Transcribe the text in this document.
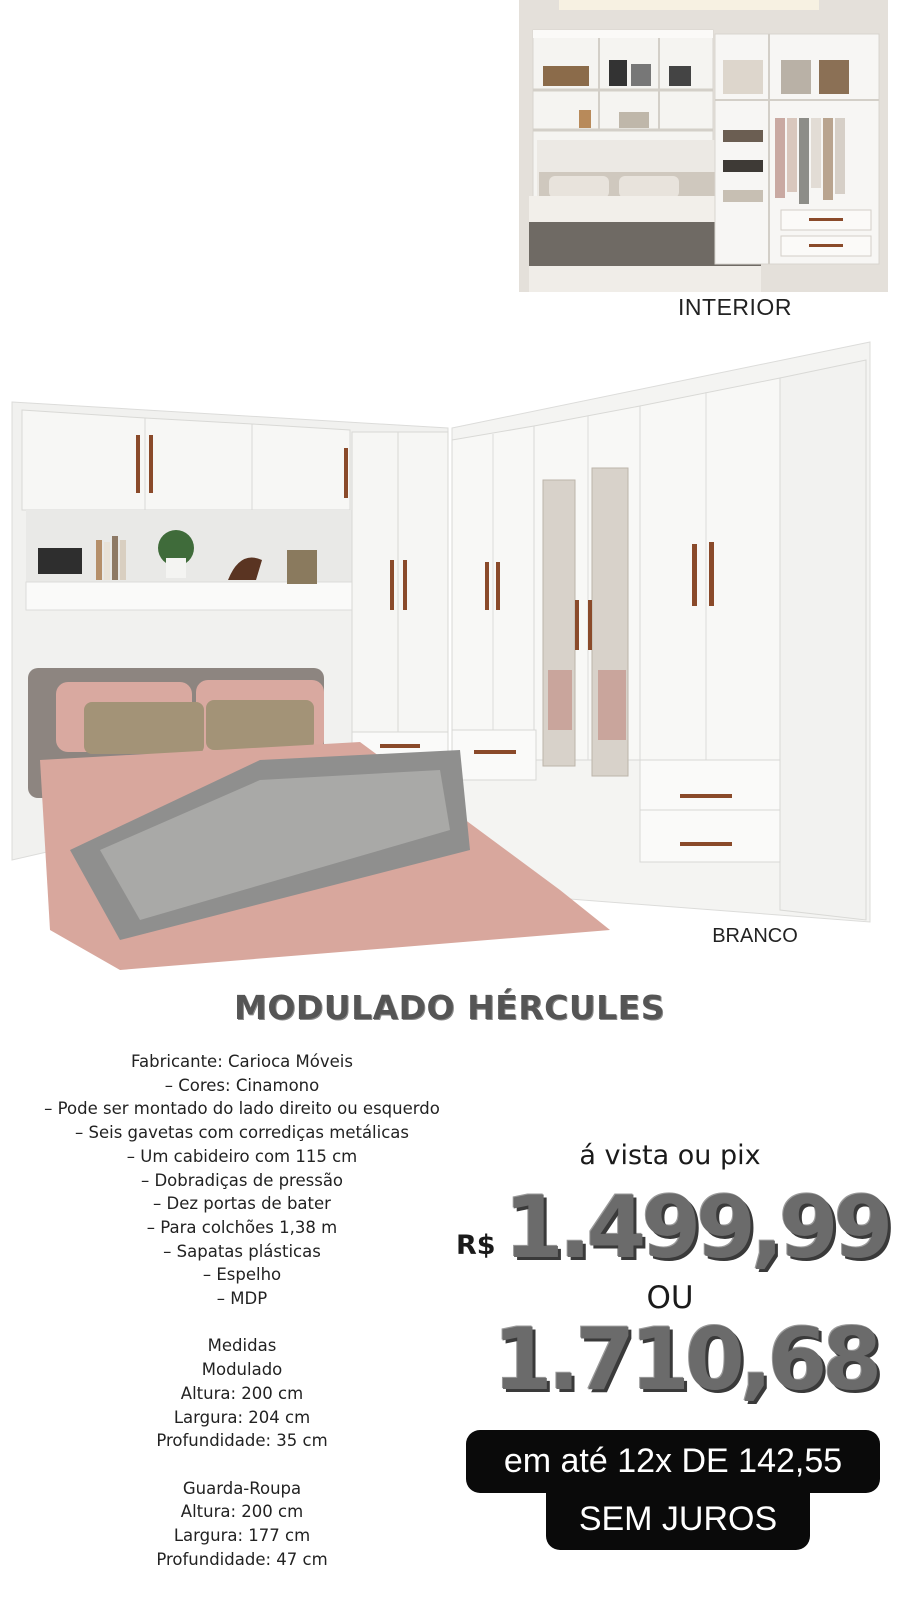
INTERIOR
BRANCO
MODULADO HÉRCULES
Fabricante: Carioca Móveis
– Cores: Cinamono
– Pode ser montado do lado direito ou esquerdo
– Seis gavetas com corrediças metálicas
– Um cabideiro com 115 cm
– Dobradiças de pressão
– Dez portas de bater
– Para colchões 1,38 m
– Sapatas plásticas
– Espelho
– MDP
Medidas
Modulado
Altura: 200 cm
Largura: 204 cm
Profundidade: 35 cm
Guarda-Roupa
Altura: 200 cm
Largura: 177 cm
Profundidade: 47 cm
á vista ou pix
R$ 1.499,99
OU
1.710,68
em até 12x DE 142,55
SEM JUROS
